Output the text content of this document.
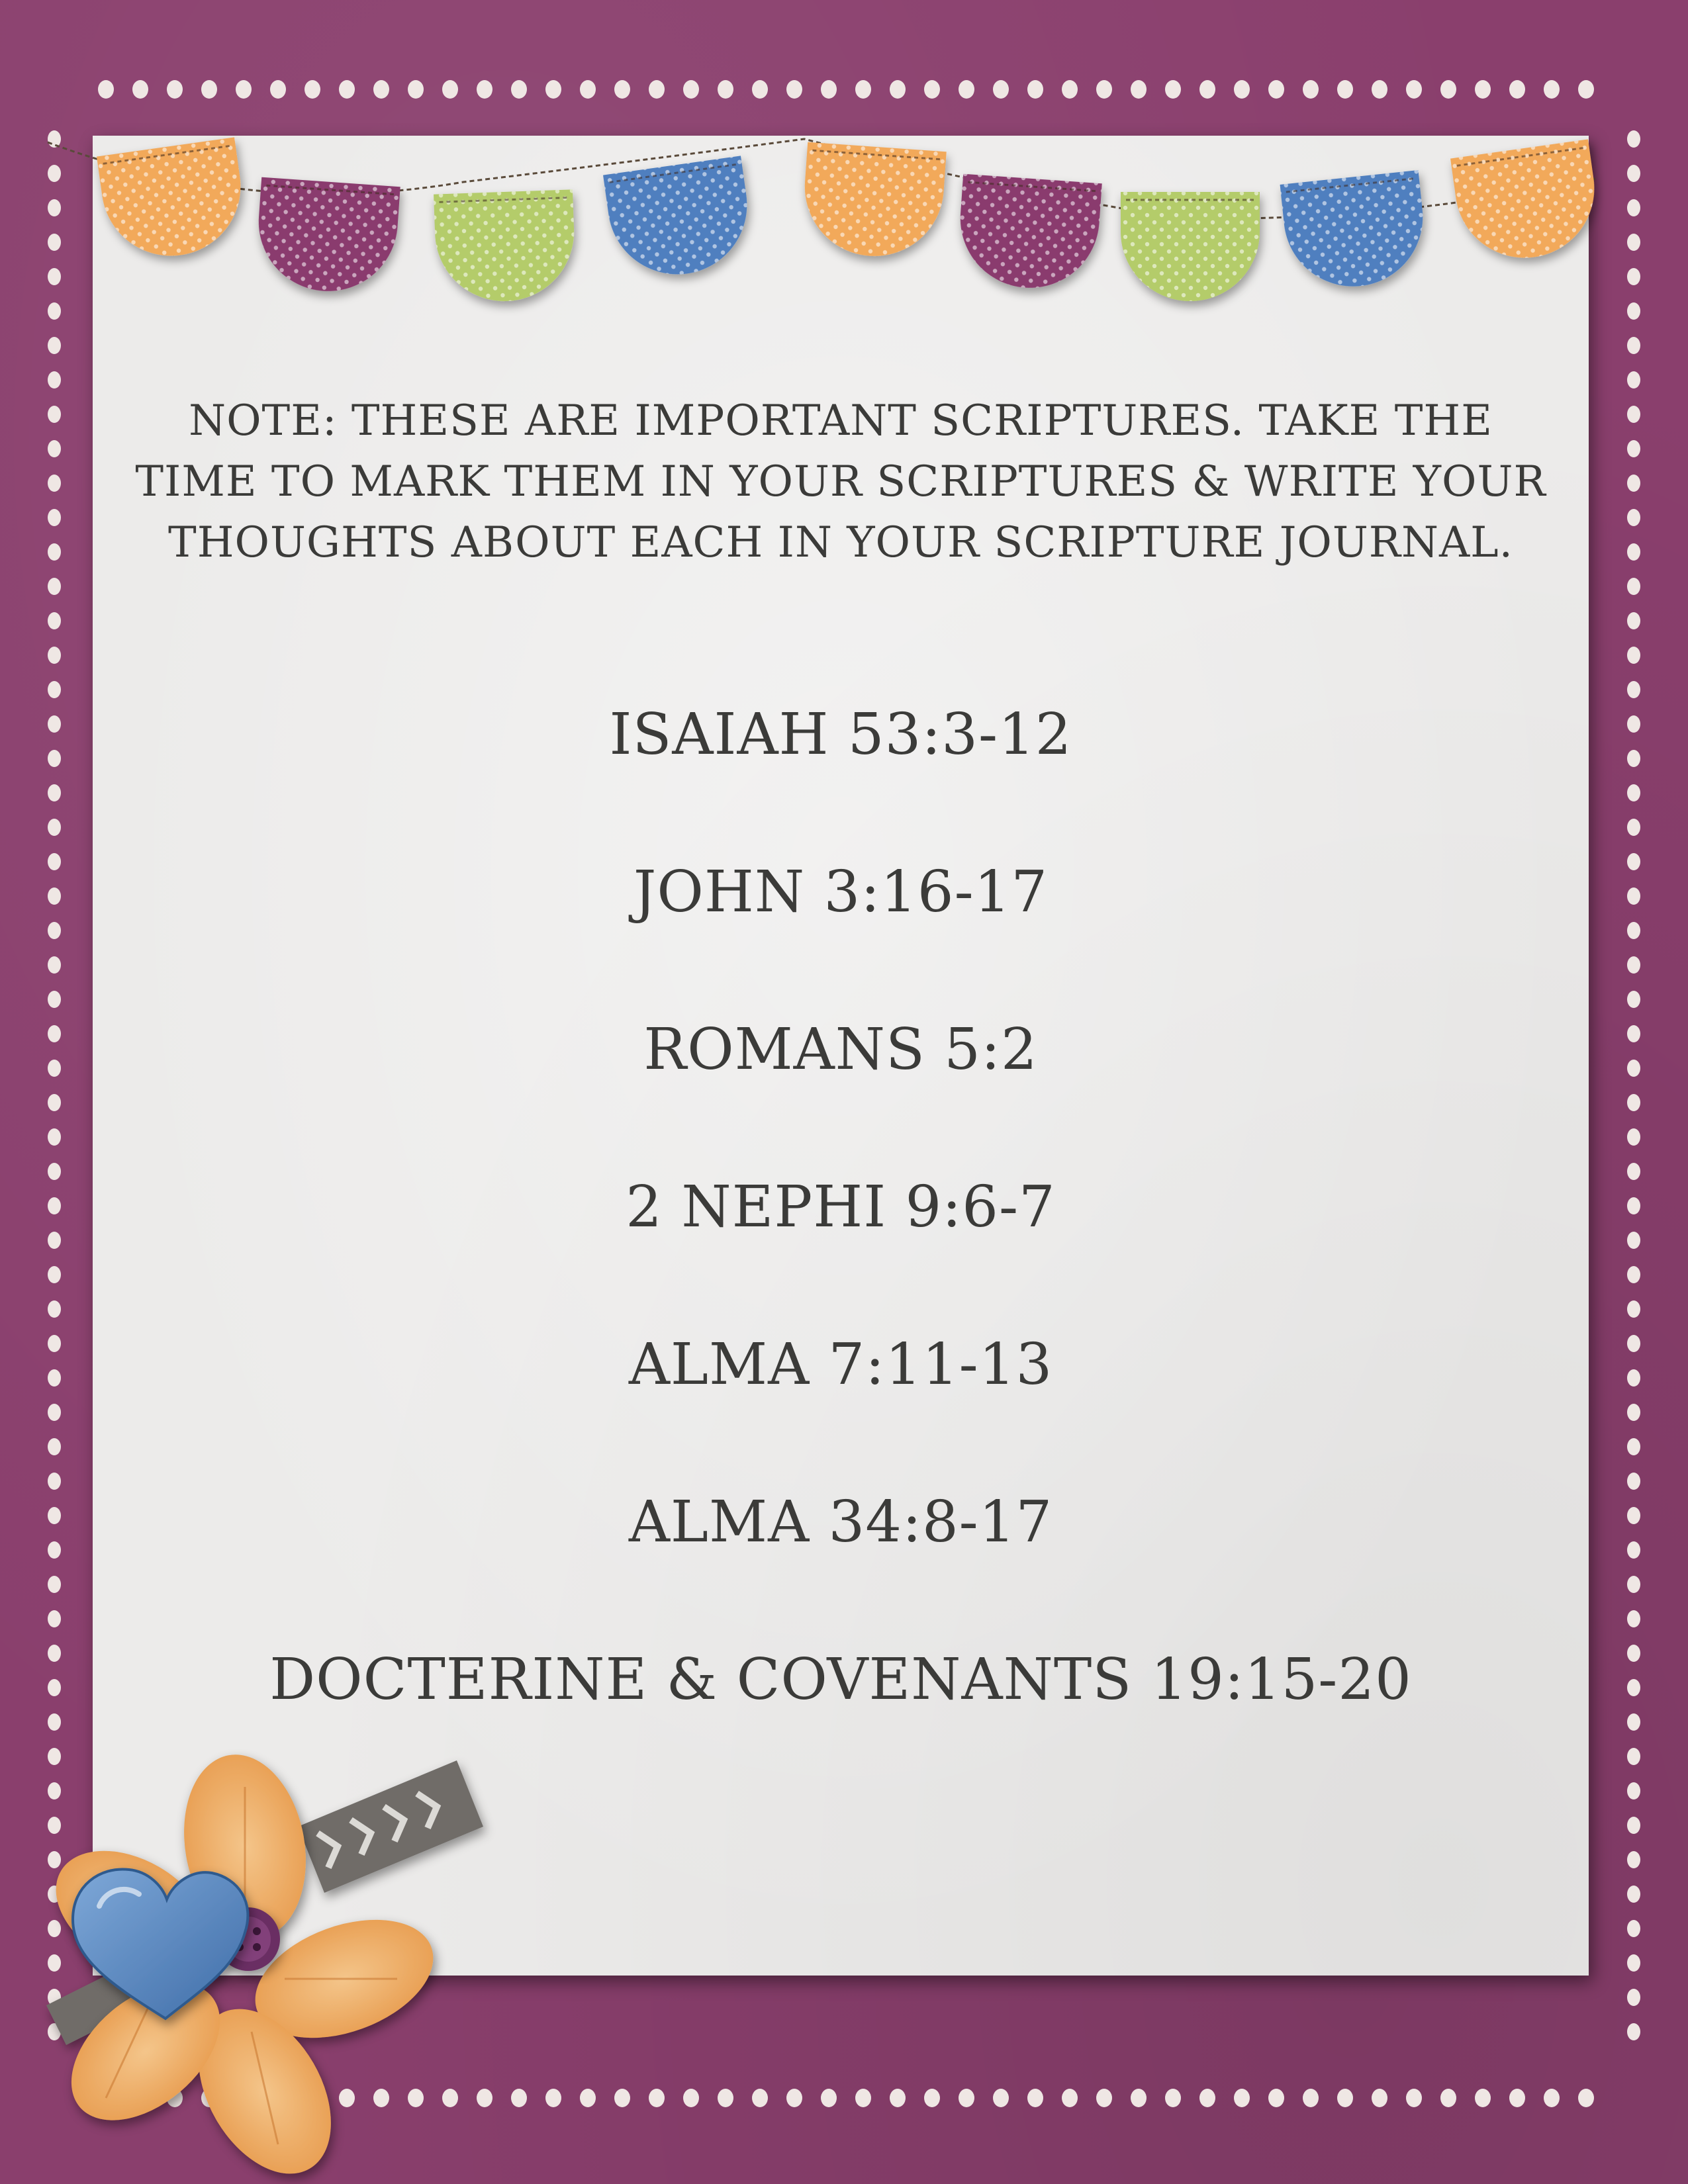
NOTE: THESE ARE IMPORTANT SCRIPTURES. TAKE THE TIME TO MARK THEM IN YOUR SCRIPTURES & WRITE YOUR THOUGHTS ABOUT EACH IN YOUR SCRIPTURE JOURNAL.
ISAIAH 53:3-12
JOHN 3:16-17
ROMANS 5:2
2 NEPHI 9:6-7
ALMA 7:11-13
ALMA 34:8-17
DOCTERINE & COVENANTS 19:15-20
